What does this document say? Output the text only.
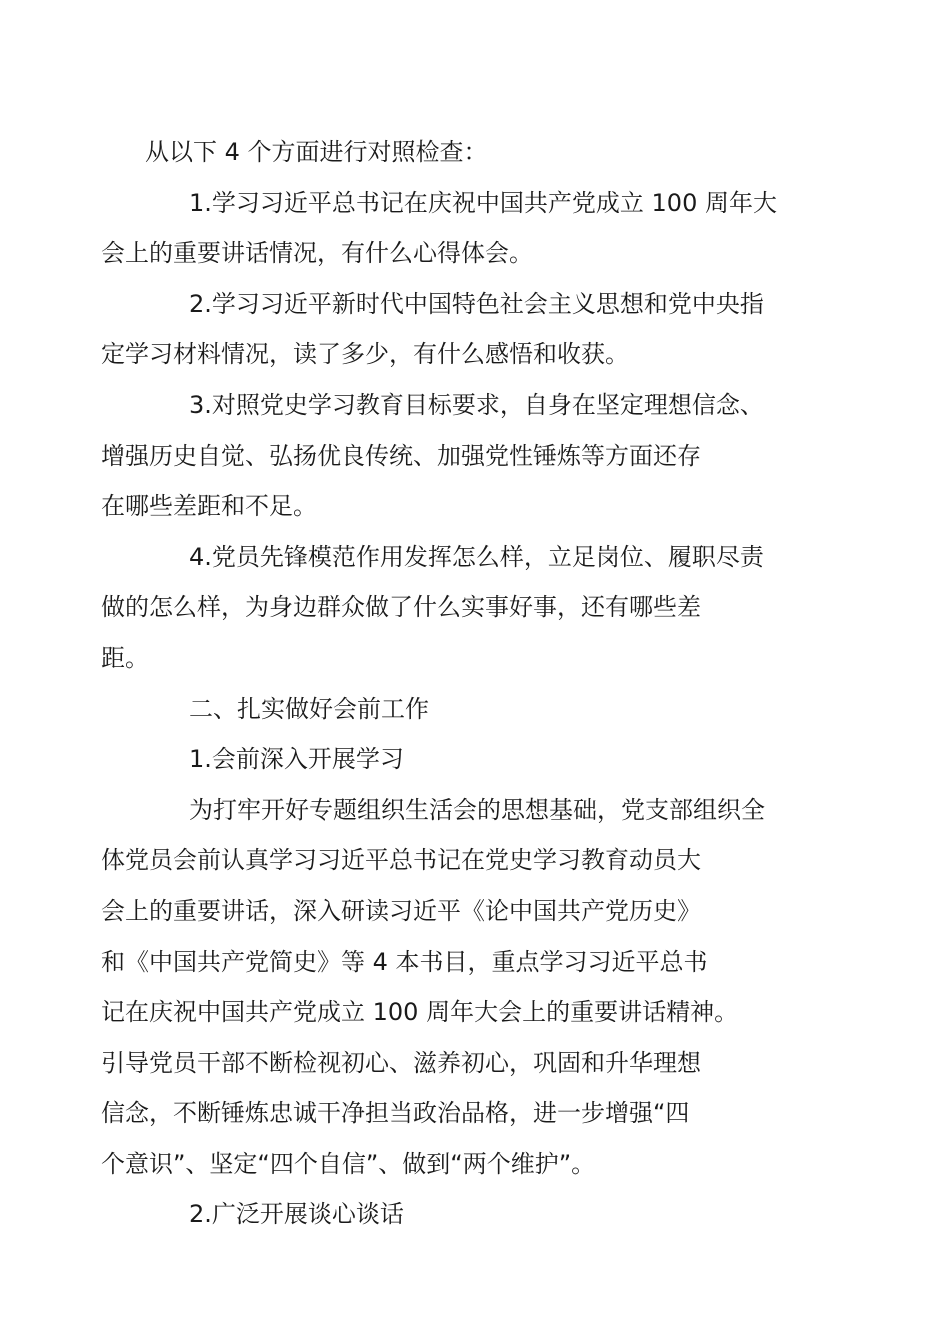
从以下 4 个方面进行对照检查：
1.学习习近平总书记在庆祝中国共产党成立 100 周年大
会上的重要讲话情况，有什么心得体会。
2.学习习近平新时代中国特色社会主义思想和党中央指
定学习材料情况，读了多少，有什么感悟和收获。
3.对照党史学习教育目标要求，自身在坚定理想信念、
增强历史自觉、弘扬优良传统、加强党性锤炼等方面还存
在哪些差距和不足。
4.党员先锋模范作用发挥怎么样，立足岗位、履职尽责
做的怎么样，为身边群众做了什么实事好事，还有哪些差
距。
二、扎实做好会前工作
1.会前深入开展学习
为打牢开好专题组织生活会的思想基础，党支部组织全
体党员会前认真学习习近平总书记在党史学习教育动员大
会上的重要讲话，深入研读习近平《论中国共产党历史》
和《中国共产党简史》等 4 本书目，重点学习习近平总书
记在庆祝中国共产党成立 100 周年大会上的重要讲话精神。
引导党员干部不断检视初心、滋养初心，巩固和升华理想
信念，不断锤炼忠诚干净担当政治品格，进一步增强“四
个意识”、坚定“四个自信”、做到“两个维护”。
2.广泛开展谈心谈话
